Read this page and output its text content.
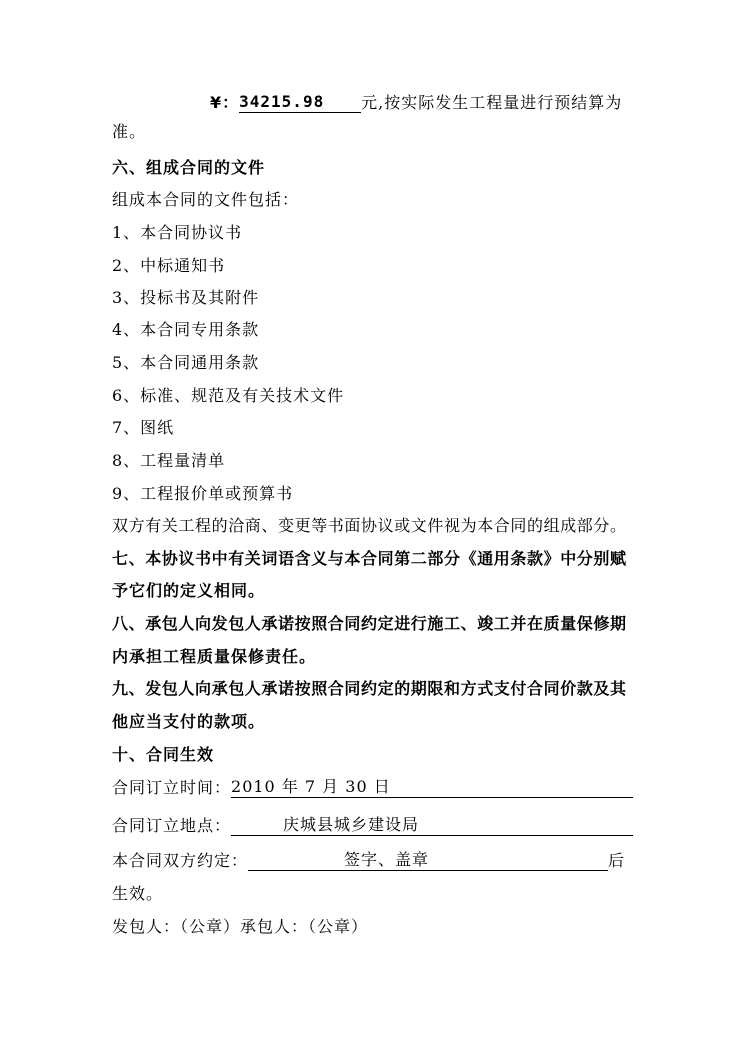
¥：34215.98 元,按实际发生工程量进行预结算为
准。
六、组成合同的文件
组成本合同的文件包括：
1、本合同协议书
2、中标通知书
3、投标书及其附件
4、本合同专用条款
5、本合同通用条款
6、标准、规范及有关技术文件
7、图纸
8、工程量清单
9、工程报价单或预算书
双方有关工程的洽商、变更等书面协议或文件视为本合同的组成部分。
七、本协议书中有关词语含义与本合同第二部分《通用条款》中分别赋
予它们的定义相同。
八、承包人向发包人承诺按照合同约定进行施工、竣工并在质量保修期
内承担工程质量保修责任。
九、发包人向承包人承诺按照合同约定的期限和方式支付合同价款及其
他应当支付的款项。
十、合同生效
合同订立时间：2010 年 7 月 30 日
合同订立地点：	庆城县城乡建设局
本合同双方约定：	签字、盖章	后
生效。
发包人：（公章）承包人：（公章）
